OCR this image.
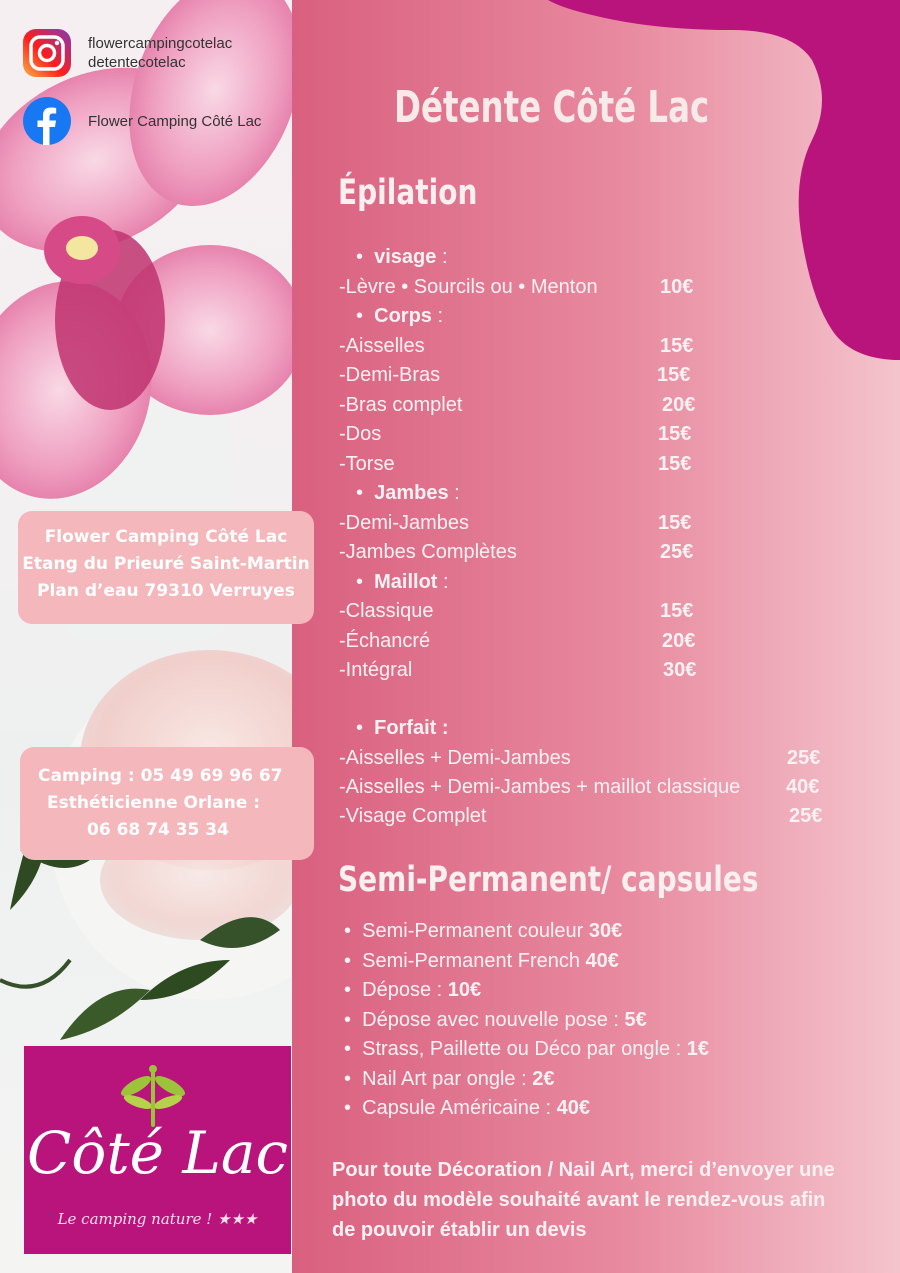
flowercampingcotelac
detentecotelac
Flower Camping Côté Lac
Flower Camping Côté Lac
Etang du Prieuré Saint-Martin
Plan d’eau 79310 Verruyes
Camping : 05 49 69 96 67
Esthéticienne Orlane :
06 68 74 35 34
Côté Lac
Le camping nature ! ★★★
Détente Côté Lac
Épilation
•  visage :
-Lèvre • Sourcils ou • Menton	10€
•  Corps :
-Aisselles	15€
-Demi-Bras	15€
-Bras complet	20€
-Dos	15€
-Torse	15€
•  Jambes :
-Demi-Jambes	15€
-Jambes Complètes	25€
•  Maillot :
-Classique	15€
-Échancré	20€
-Intégral	30€
•  Forfait :
-Aisselles + Demi-Jambes	25€
-Aisselles + Demi-Jambes + maillot classique 40€
-Visage Complet	25€
Semi-Permanent/ capsules
•  Semi-Permanent couleur 30€
•  Semi-Permanent French 40€
•  Dépose : 10€
•  Dépose avec nouvelle pose : 5€
•  Strass, Paillette ou Déco par ongle : 1€
•  Nail Art par ongle : 2€
•  Capsule Américaine : 40€
Pour toute Décoration / Nail Art, merci d’envoyer une photo du modèle souhaité avant le rendez-vous afin de pouvoir établir un devis
